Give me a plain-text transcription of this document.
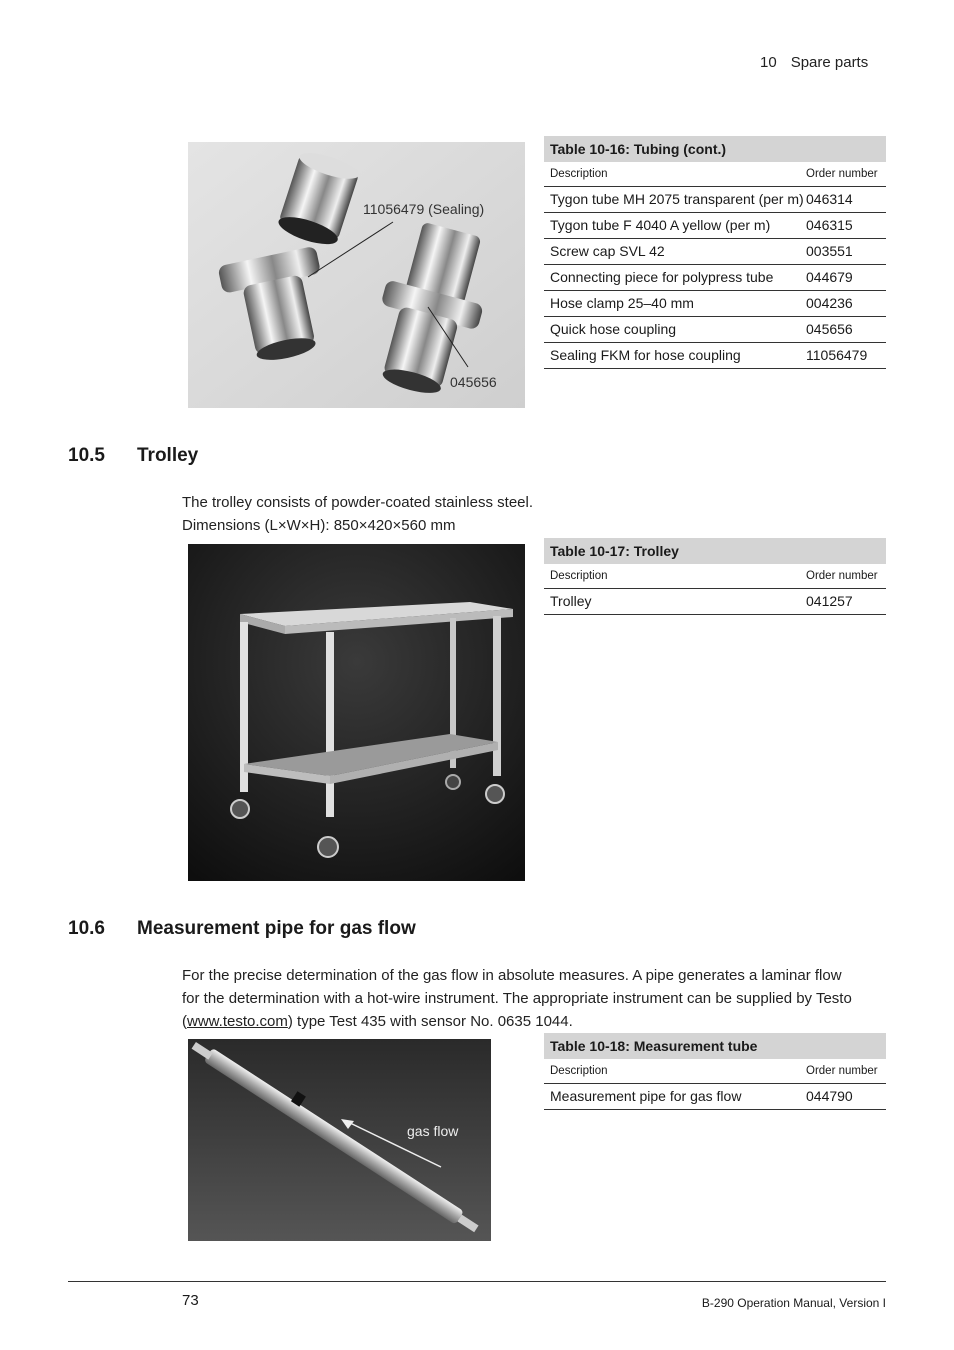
10 Spare parts
11056479 (Sealing)
045656
Table 10-16: Tubing (cont.)
Description	Order number
Tygon tube MH 2075 transparent (per m) 046314
Tygon tube F 4040 A yellow (per m)	046315
Screw cap SVL 42	003551
Connecting piece for polypress tube	044679
Hose clamp 25–40 mm	004236
Quick hose coupling	045656
Sealing FKM for hose coupling	11056479
10.5 Trolley
The trolley consists of powder-coated stainless steel.
Dimensions (L×W×H): 850×420×560 mm
Table 10-17: Trolley
Description	Order number
Trolley	041257
10.6 Measurement pipe for gas flow
For the precise determination of the gas flow in absolute measures. A pipe generates a laminar flow
for the determination with a hot-wire instrument. The appropriate instrument can be supplied by Testo
(www.testo.com) type Test 435 with sensor No. 0635 1044.
gas flow
Table 10-18: Measurement tube
Description	Order number
Measurement pipe for gas flow	044790
73	B-290 Operation Manual, Version I
